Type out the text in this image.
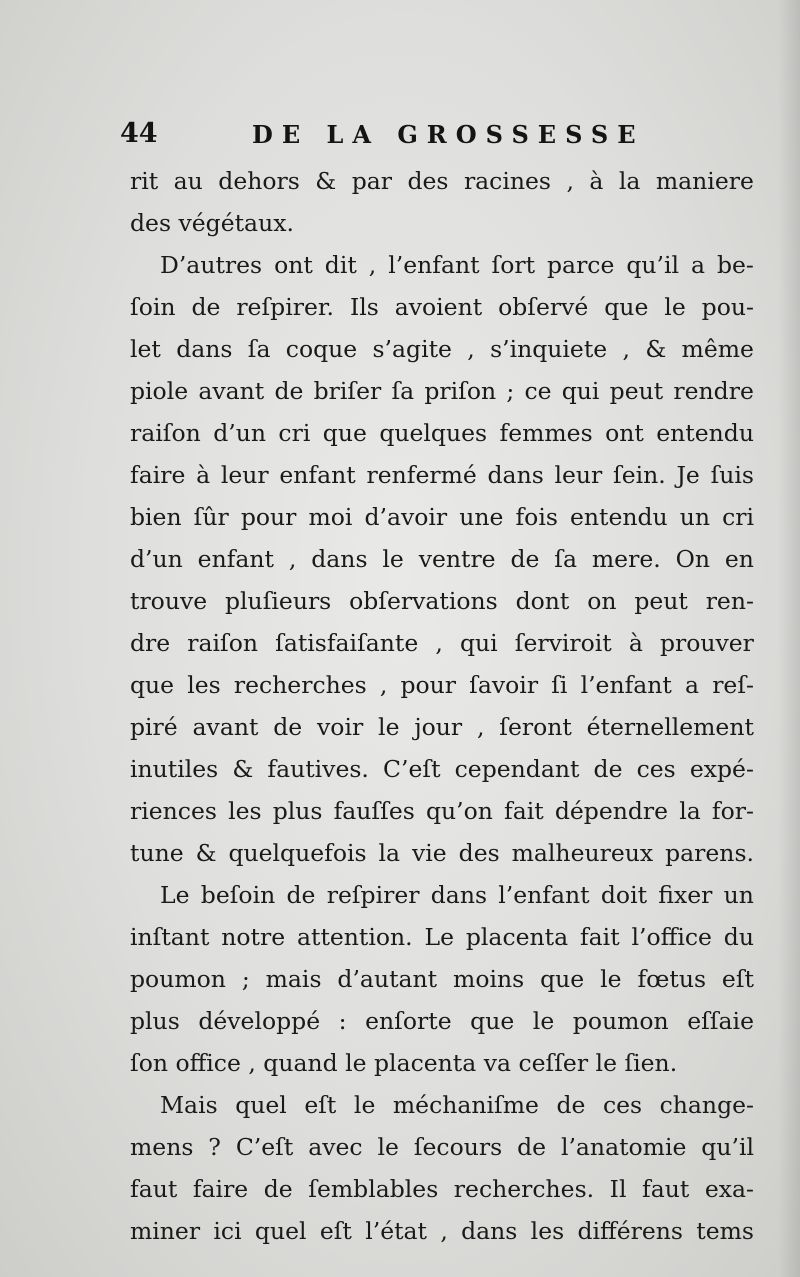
44	DE LA GROSSESSE
rit au dehors & par des racines , à la maniere
des végétaux.
D’autres ont dit , l’enfant ſort parce qu’il a be-
ſoin de reſpirer. Ils avoient obſervé que le pou-
let dans ſa coque s’agite , s’inquiete , & même
piole avant de briſer ſa priſon ; ce qui peut rendre
raiſon d’un cri que quelques femmes ont entendu
faire à leur enfant renfermé dans leur ſein. Je ſuis
bien ſûr pour moi d’avoir une fois entendu un cri
d’un enfant , dans le ventre de ſa mere. On en
trouve pluſieurs obſervations dont on peut ren-
dre raiſon ſatisfaiſante , qui ſerviroit à prouver
que les recherches , pour ſavoir ſi l’enfant a reſ-
piré avant de voir le jour , ſeront éternellement
inutiles & fautives. C’eſt cependant de ces expé-
riences les plus fauſſes qu’on fait dépendre la for-
tune & quelquefois la vie des malheureux parens.
Le beſoin de reſpirer dans l’enfant doit fixer un
inſtant notre attention. Le placenta fait l’office du
poumon ; mais d’autant moins que le fœtus eſt
plus développé : enſorte que le poumon eſſaie
ſon office , quand le placenta va ceſſer le ſien.
Mais quel eſt le méchaniſme de ces change-
mens ? C’eſt avec le ſecours de l’anatomie qu’il
faut faire de ſemblables recherches. Il faut exa-
miner ici quel eſt l’état , dans les différens tems
